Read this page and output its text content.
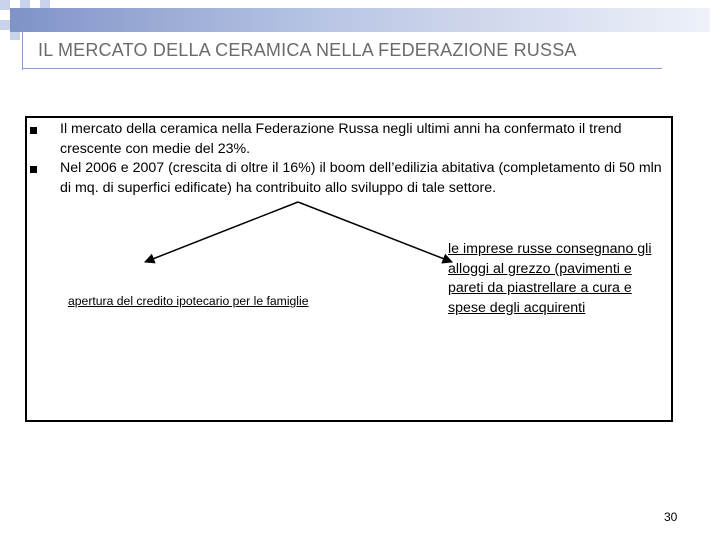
IL MERCATO DELLA CERAMICA NELLA FEDERAZIONE RUSSA
Il mercato della ceramica nella Federazione Russa negli ultimi anni ha confermato il trend crescente con medie del 23%.
Nel 2006 e 2007 (crescita di oltre il 16%) il boom dell’edilizia abitativa (completamento di 50 mln di mq. di superfici edificate) ha contribuito allo sviluppo di tale settore.
apertura del credito ipotecario per le famiglie
le imprese russe consegnano gli alloggi al grezzo (pavimenti e pareti da piastrellare a cura e spese degli acquirenti
30
